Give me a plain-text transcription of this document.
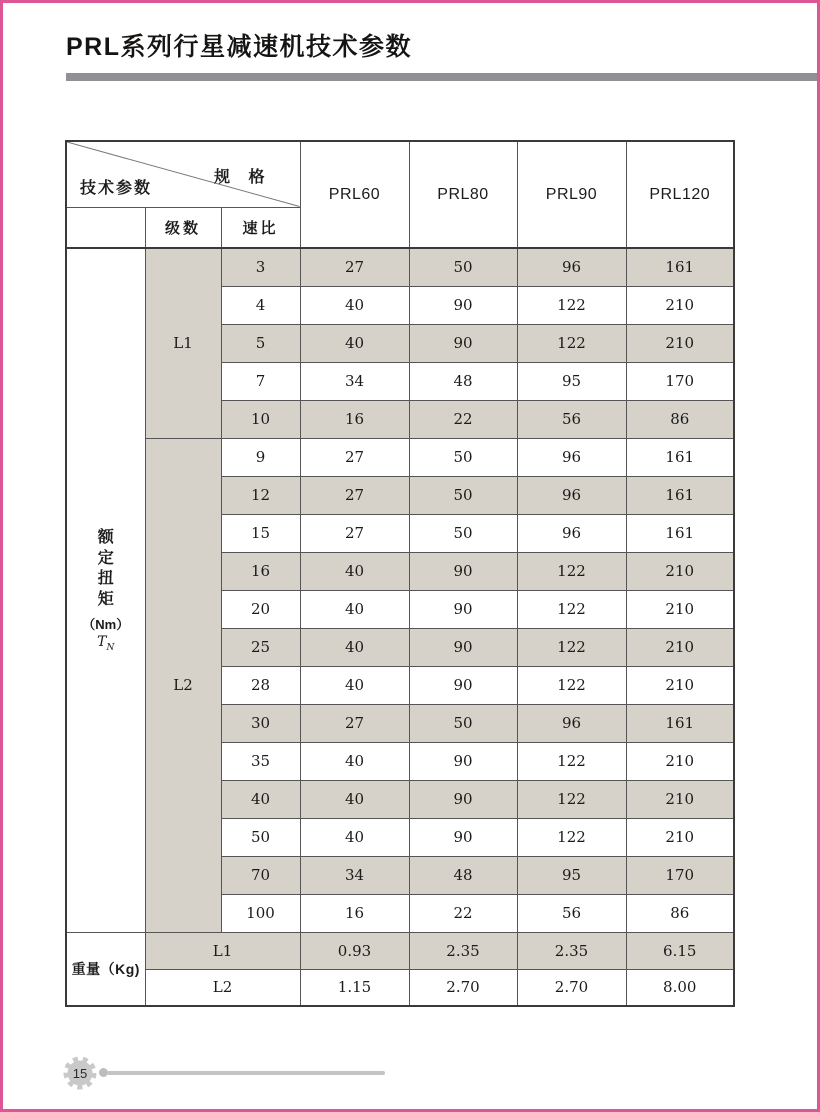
PRL系列行星减速机技术参数
规 格
技术参数			PRL60	PRL80	PRL90	PRL120
	级数	速比				

额
定
扭
矩
（Nm）
$T_N$
	L1	3	27	50	96	161
		4	40	90	122	210
		5	40	90	122	210
		7	34	48	95	170
		10	16	22	56	86
	L2	9	27	50	96	161
		12	27	50	96	161
		15	27	50	96	161
		16	40	90	122	210
		20	40	90	122	210
		25	40	90	122	210
		28	40	90	122	210
		30	27	50	96	161
		35	40	90	122	210
		40	40	90	122	210
		50	40	90	122	210
		70	34	48	95	170
		100	16	22	56	86
重量（Kg)	L1		0.93	2.35	2.35	6.15
	L2		1.15	2.70	2.70	8.00
15
